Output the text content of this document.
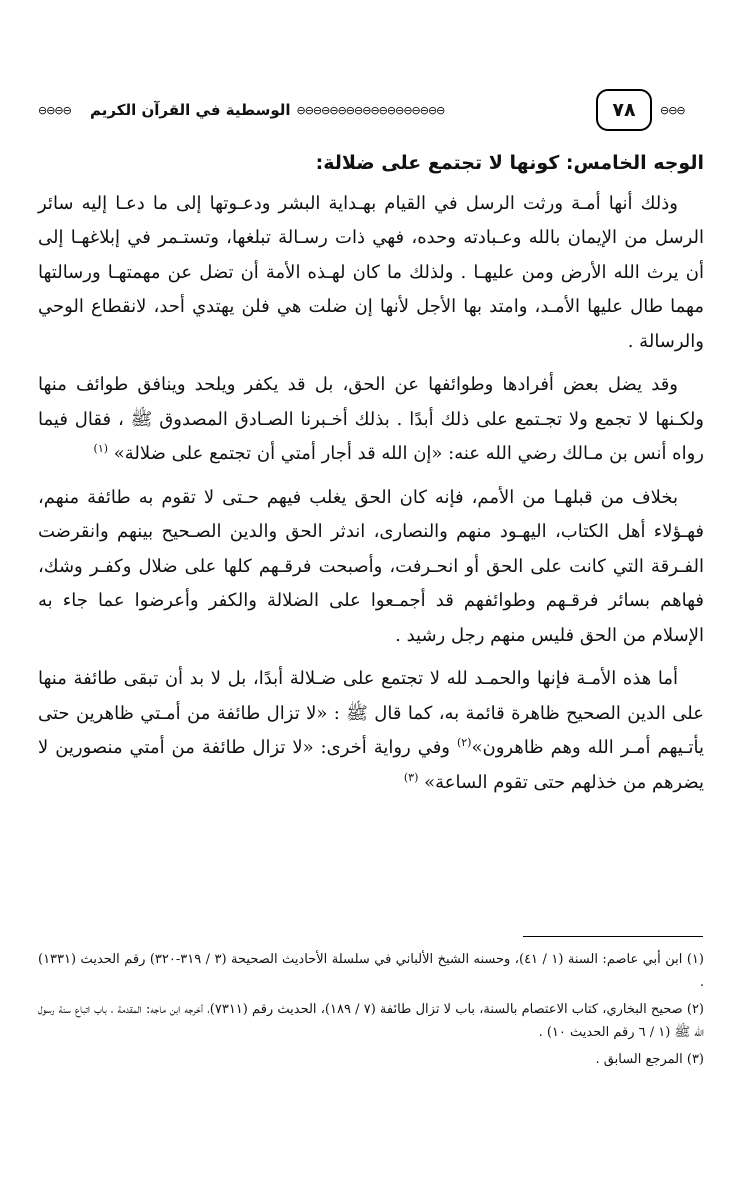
⊖⊖⊖⊖	الوسطية في القرآن الكريم ⊖⊖⊖⊖⊖⊖⊖⊖⊖⊖⊖⊖⊖⊖⊖⊖⊖⊖	٧٨	⊖⊖⊖

الوجه الخامس: كونها لا تجتمع على ضلالة:

وذلك أنها أمـة ورثت الرسل في القيام بهـداية البشر ودعـوتها إلى ما دعـا إليه سائر الرسل من الإيمان بالله وعـبادته وحده، فهي ذات رسـالة تبلغها، وتستـمر في إبلاغهـا إلى أن يرث الله الأرض ومن عليهـا . ولذلك ما كان لهـذه الأمة أن تضل عن مهمتهـا ورسالتها مهما طال عليها الأمـد، وامتد بها الأجل لأنها إن ضلت هي فلن يهتدي أحد، لانقطاع الوحي والرسالة .

وقد يضل بعض أفرادها وطوائفها عن الحق، بل قد يكفر ويلحد وينافق طوائف منها ولكـنها لا تجمع ولا تجـتمع على ذلك أبدًا . بذلك أخـبرنا الصـادق المصدوق ﷺ ، فقال فيما رواه أنس بن مـالك رضي الله عنه: «إن الله قد أجار أمتي أن تجتمع على ضلالة» $^{(١)}$

بخلاف من قبلهـا من الأمم، فإنه كان الحق يغلب فيهم حـتى لا تقوم به طائفة منهم، فهـؤلاء أهل الكتاب، اليهـود منهم والنصارى، اندثر الحق والدين الصـحيح بينهم وانقرضت الفـرقة التي كانت على الحق أو انحـرفت، وأصبحت فرقـهم كلها على ضلال وكفـر وشك، فهاهم بسائر فرقـهم وطوائفهم قد أجمـعوا على الضلالة والكفر وأعرضوا عما جاء به الإسلام من الحق فليس منهم رجل رشيد .

أما هذه الأمـة فإنها والحمـد لله لا تجتمع على ضـلالة أبدًا، بل لا بد أن تبقى طائفة منها على الدين الصحيح ظاهرة قائمة به، كما قال ﷺ : «لا تزال طائفة من أمـتي ظاهرين حتى يأتـيهم أمـر الله وهم ظاهرون»$^{(٢)}$ وفي رواية أخرى: «لا تزال طائفة من أمتي منصورين لا يضرهم من خذلهم حتى تقوم الساعة» $^{(٣)}$

(١) ابن أبي عاصم: السنة (١ / ٤١)، وحسنه الشيخ الألباني في سلسلة الأحاديث الصحيحة (٣ / ٣١٩-٣٢٠) رقم الحديث (١٣٣١) .

(٢) صحيح البخاري، كتاب الاعتصام بالسنة، باب لا تزال طائفة (٧ / ١٨٩)، الحديث رقم (٧٣١١)، أخرجه ابن ماجه: المقدمة ، باب اتباع سنة رسول الله ﷺ (١ / ٦ رقم الحديث ١٠) .

(٣) المرجع السابق .
